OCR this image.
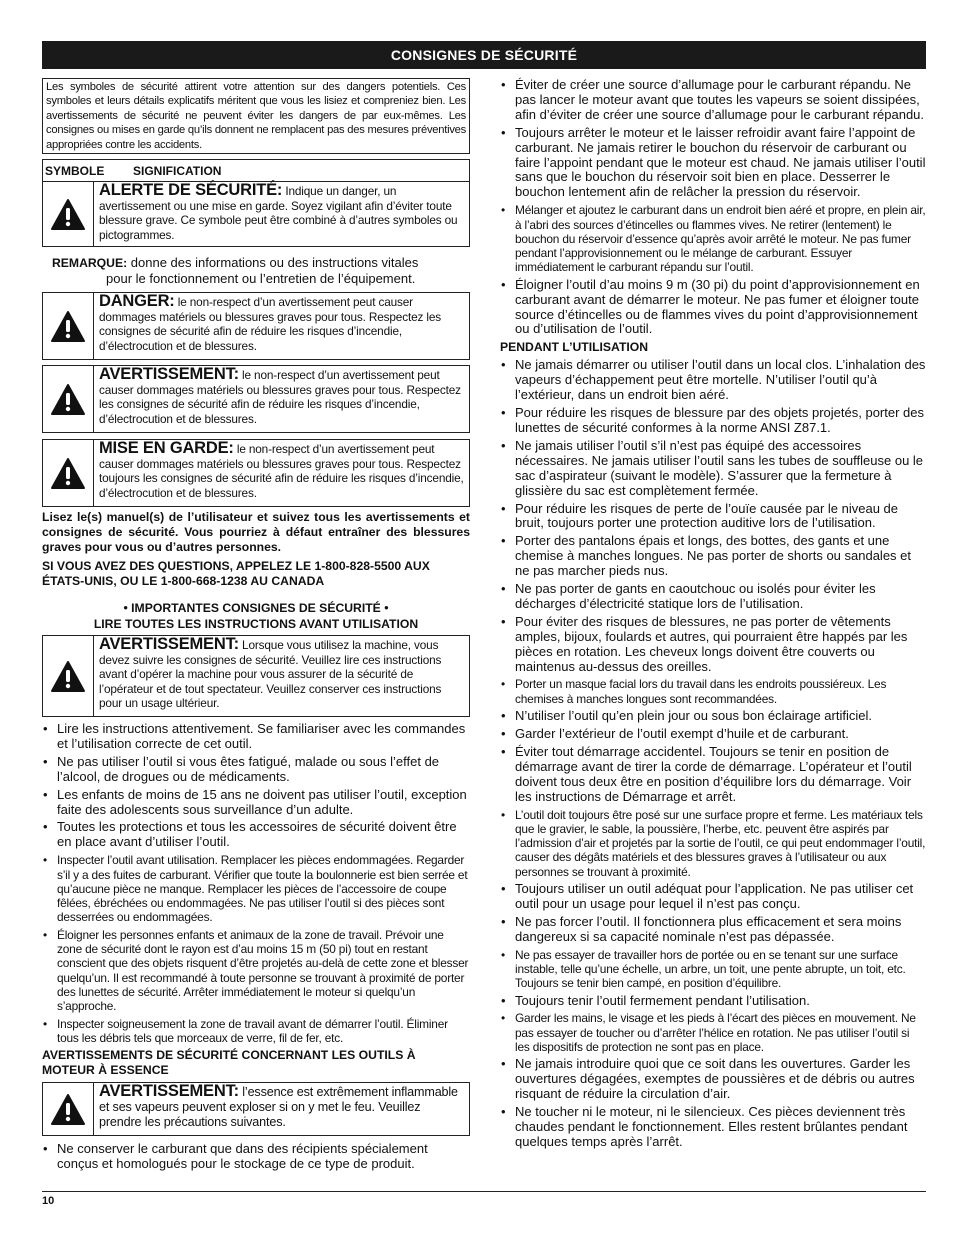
CONSIGNES DE SÉCURITÉ
Les symboles de sécurité attirent votre attention sur des dangers potentiels. Ces symboles et leurs détails explicatifs méritent que vous les lisiez et compreniez bien. Les avertissements de sécurité ne peuvent éviter les dangers de par eux-mêmes. Les consignes ou mises en garde qu’ils donnent ne remplacent pas des mesures préventives appropriées contre les accidents.
SYMBOLE	SIGNIFICATION
ALERTE DE SÉCURITÉ: Indique un danger, un avertissement ou une mise en garde. Soyez vigilant afin d’éviter toute blessure grave. Ce symbole peut être combiné à d’autres symboles ou pictogrammes.
REMARQUE: donne des informations ou des instructions vitales
pour le fonctionnement ou l’entretien de l’équipement.
DANGER: le non-respect d’un avertissement peut causer dommages matériels ou blessures graves pour tous. Respectez les consignes de sécurité afin de réduire les risques d’incendie, d’électrocution et de blessures.
AVERTISSEMENT: le non-respect d’un avertissement peut causer dommages matériels ou blessures graves pour tous. Respectez les consignes de sécurité afin de réduire les risques d’incendie, d’électrocution et de blessures.
MISE EN GARDE: le non-respect d’un avertissement peut causer dommages matériels ou blessures graves pour tous. Respectez toujours les consignes de sécurité afin de réduire les risques d’incendie, d’électrocution et de blessures.
Lisez le(s) manuel(s) de l’utilisateur et suivez tous les avertissements et consignes de sécurité. Vous pourriez à défaut entraîner des blessures graves pour vous ou d’autres personnes.
SI VOUS AVEZ DES QUESTIONS, APPELEZ LE 1-800-828-5500 AUX ÉTATS-UNIS, OU LE 1-800-668-1238 AU CANADA
• IMPORTANTES CONSIGNES DE SÉCURITÉ •
LIRE TOUTES LES INSTRUCTIONS AVANT UTILISATION
AVERTISSEMENT: Lorsque vous utilisez la machine, vous devez suivre les consignes de sécurité. Veuillez lire ces instructions avant d’opérer la machine pour vous assurer de la sécurité de l’opérateur et de tout spectateur. Veuillez conserver ces instructions pour un usage ultérieur.
• Lire les instructions attentivement. Se familiariser avec les commandes et l’utilisation correcte de cet outil.
• Ne pas utiliser l’outil si vous êtes fatigué, malade ou sous l’effet de l’alcool, de drogues ou de médicaments.
• Les enfants de moins de 15 ans ne doivent pas utiliser l’outil, exception faite des adolescents sous surveillance d’un adulte.
• Toutes les protections et tous les accessoires de sécurité doivent être en place avant d’utiliser l’outil.
• Inspecter l’outil avant utilisation. Remplacer les pièces endommagées. Regarder s’il y a des fuites de carburant. Vérifier que toute la boulonnerie est bien serrée et qu’aucune pièce ne manque. Remplacer les pièces de l’accessoire de coupe fêlées, ébréchées ou endommagées. Ne pas utiliser l’outil si des pièces sont desserrées ou endommagées.
• Éloigner les personnes enfants et animaux de la zone de travail. Prévoir une zone de sécurité dont le rayon est d’au moins 15 m (50 pi) tout en restant conscient que des objets risquent d’être projetés au-delà de cette zone et blesser quelqu’un. Il est recommandé à toute personne se trouvant à proximité de porter des lunettes de sécurité. Arrêter immédiatement le moteur si quelqu’un s’approche.
• Inspecter soigneusement la zone de travail avant de démarrer l’outil. Éliminer tous les débris tels que morceaux de verre, fil de fer, etc.
AVERTISSEMENTS DE SÉCURITÉ CONCERNANT LES OUTILS À MOTEUR À ESSENCE
AVERTISSEMENT: l’essence est extrêmement inflammable et ses vapeurs peuvent exploser si on y met le feu. Veuillez prendre les précautions suivantes.
• Ne conserver le carburant que dans des récipients spécialement conçus et homologués pour le stockage de ce type de produit.
• Éviter de créer une source d’allumage pour le carburant répandu. Ne pas lancer le moteur avant que toutes les vapeurs se soient dissipées, afin d’éviter de créer une source d’allumage pour le carburant répandu.
• Toujours arrêter le moteur et le laisser refroidir avant faire l’appoint de carburant. Ne jamais retirer le bouchon du réservoir de carburant ou faire l’appoint pendant que le moteur est chaud. Ne jamais utiliser l’outil sans que le bouchon du réservoir soit bien en place. Desserrer le bouchon lentement afin de relâcher la pression du réservoir.
• Mélanger et ajoutez le carburant dans un endroit bien aéré et propre, en plein air, à l’abri des sources d’étincelles ou flammes vives. Ne retirer (lentement) le bouchon du réservoir d’essence qu’après avoir arrêté le moteur. Ne pas fumer pendant l’approvisionnement ou le mélange de carburant. Essuyer immédiatement le carburant répandu sur l’outil.
• Éloigner l’outil d’au moins 9 m (30 pi) du point d’approvisionnement en carburant avant de démarrer le moteur. Ne pas fumer et éloigner toute source d’étincelles ou de flammes vives du point d’approvisionnement ou d’utilisation de l’outil.
PENDANT L’UTILISATION
• Ne jamais démarrer ou utiliser l’outil dans un local clos. L’inhalation des vapeurs d’échappement peut être mortelle. N’utiliser l’outil qu’à l’extérieur, dans un endroit bien aéré.
• Pour réduire les risques de blessure par des objets projetés, porter des lunettes de sécurité conformes à la norme ANSI Z87.1.
• Ne jamais utiliser l’outil s’il n’est pas équipé des accessoires nécessaires. Ne jamais utiliser l’outil sans les tubes de souffleuse ou le sac d’aspirateur (suivant le modèle). S’assurer que la fermeture à glissière du sac est complètement fermée.
• Pour réduire les risques de perte de l’ouïe causée par le niveau de bruit, toujours porter une protection auditive lors de l’utilisation.
• Porter des pantalons épais et longs, des bottes, des gants et une chemise à manches longues. Ne pas porter de shorts ou sandales et ne pas marcher pieds nus.
• Ne pas porter de gants en caoutchouc ou isolés pour éviter les décharges d’électricité statique lors de l’utilisation.
• Pour éviter des risques de blessures, ne pas porter de vêtements amples, bijoux, foulards et autres, qui pourraient être happés par les pièces en rotation. Les cheveux longs doivent être couverts ou maintenus au-dessus des oreilles.
• Porter un masque facial lors du travail dans les endroits poussiéreux. Les chemises à manches longues sont recommandées.
• N’utiliser l’outil qu’en plein jour ou sous bon éclairage artificiel.
• Garder l’extérieur de l’outil exempt d’huile et de carburant.
• Éviter tout démarrage accidentel. Toujours se tenir en position de démarrage avant de tirer la corde de démarrage. L’opérateur et l’outil doivent tous deux être en position d’équilibre lors du démarrage. Voir les instructions de Démarrage et arrêt.
• L’outil doit toujours être posé sur une surface propre et ferme. Les matériaux tels que le gravier, le sable, la poussière, l’herbe, etc. peuvent être aspirés par l’admission d’air et projetés par la sortie de l’outil, ce qui peut endommager l’outil, causer des dégâts matériels et des blessures graves à l’utilisateur ou aux personnes se trouvant à proximité.
• Toujours utiliser un outil adéquat pour l’application. Ne pas utiliser cet outil pour un usage pour lequel il n’est pas conçu.
• Ne pas forcer l’outil. Il fonctionnera plus efficacement et sera moins dangereux si sa capacité nominale n’est pas dépassée.
• Ne pas essayer de travailler hors de portée ou en se tenant sur une surface instable, telle qu’une échelle, un arbre, un toit, une pente abrupte, un toit, etc. Toujours se tenir bien campé, en position d’équilibre.
• Toujours tenir l’outil fermement pendant l’utilisation.
• Garder les mains, le visage et les pieds à l’écart des pièces en mouvement. Ne pas essayer de toucher ou d’arrêter l’hélice en rotation. Ne pas utiliser l’outil si les dispositifs de protection ne sont pas en place.
• Ne jamais introduire quoi que ce soit dans les ouvertures. Garder les ouvertures dégagées, exemptes de poussières et de débris ou autres risquant de réduire la circulation d’air.
• Ne toucher ni le moteur, ni le silencieux. Ces pièces deviennent très chaudes pendant le fonctionnement. Elles restent brûlantes pendant quelques temps après l’arrêt.
10
